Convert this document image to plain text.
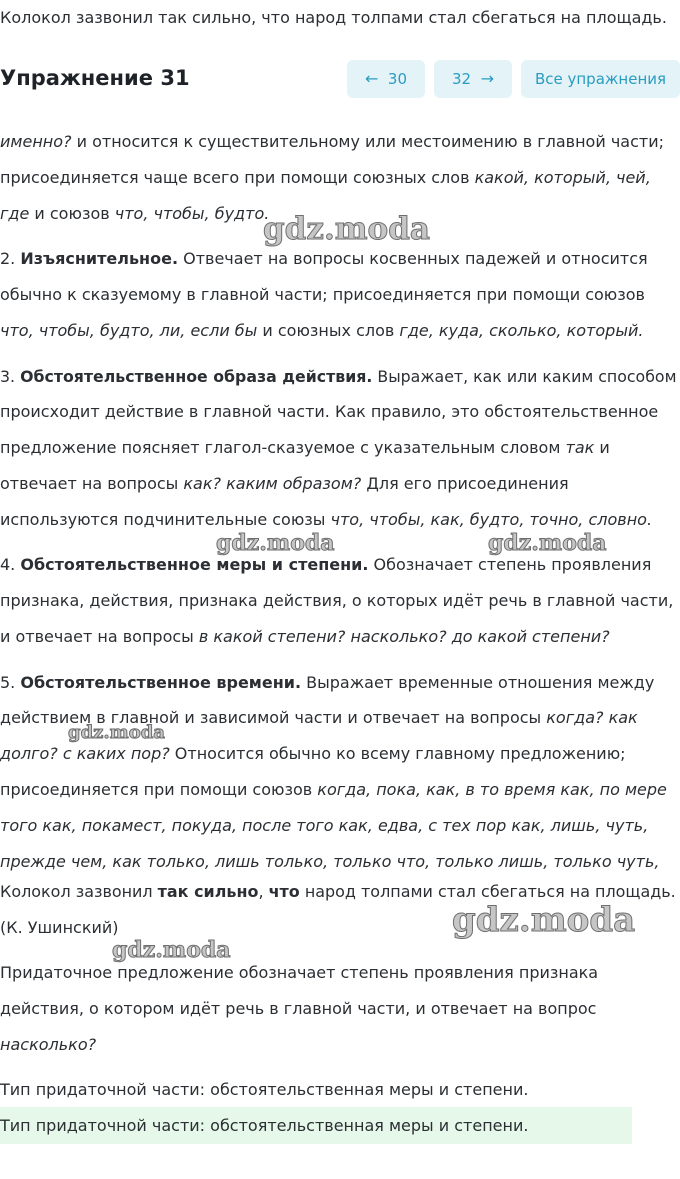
Колокол зазвонил так сильно, что народ толпами стал сбегаться на площадь.
Упражнение 31	← 30	32 →	Все упражнения
именно? и относится к существительному или местоимению в главной части;
присоединяется чаще всего при помощи союзных слов какой, который, чей,
где и союзов что, чтобы, будто.
2. Изъяснительное. Отвечает на вопросы косвенных падежей и относится
обычно к сказуемому в главной части; присоединяется при помощи союзов
что, чтобы, будто, ли, если бы и союзных слов где, куда, сколько, который.
3. Обстоятельственное образа действия. Выражает, как или каким способом
происходит действие в главной части. Как правило, это обстоятельственное
предложение поясняет глагол-сказуемое с указательным словом так и
отвечает на вопросы как? каким образом? Для его присоединения
используются подчинительные союзы что, чтобы, как, будто, точно, словно.
4. Обстоятельственное меры и степени. Обозначает степень проявления
признака, действия, признака действия, о которых идёт речь в главной части,
и отвечает на вопросы в какой степени? насколько? до какой степени?
5. Обстоятельственное времени. Выражает временные отношения между
действием в главной и зависимой части и отвечает на вопросы когда? как
долго? с каких пор? Относится обычно ко всему главному предложению;
присоединяется при помощи союзов когда, пока, как, в то время как, по мере
того как, покамест, покуда, после того как, едва, с тех пор как, лишь, чуть,
прежде чем, как только, лишь только, только что, только лишь, только чуть,
Колокол зазвонил так сильно, что народ толпами стал сбегаться на площадь.
(К. Ушинский)
Придаточное предложение обозначает степень проявления признака
действия, о котором идёт речь в главной части, и отвечает на вопрос
насколько?
Тип придаточной части: обстоятельственная меры и степени.
Тип придаточной части: обстоятельственная меры и степени.
gdz.moda
gdz.moda	gdz.moda
gdz.moda
gdz.moda
gdz.moda
